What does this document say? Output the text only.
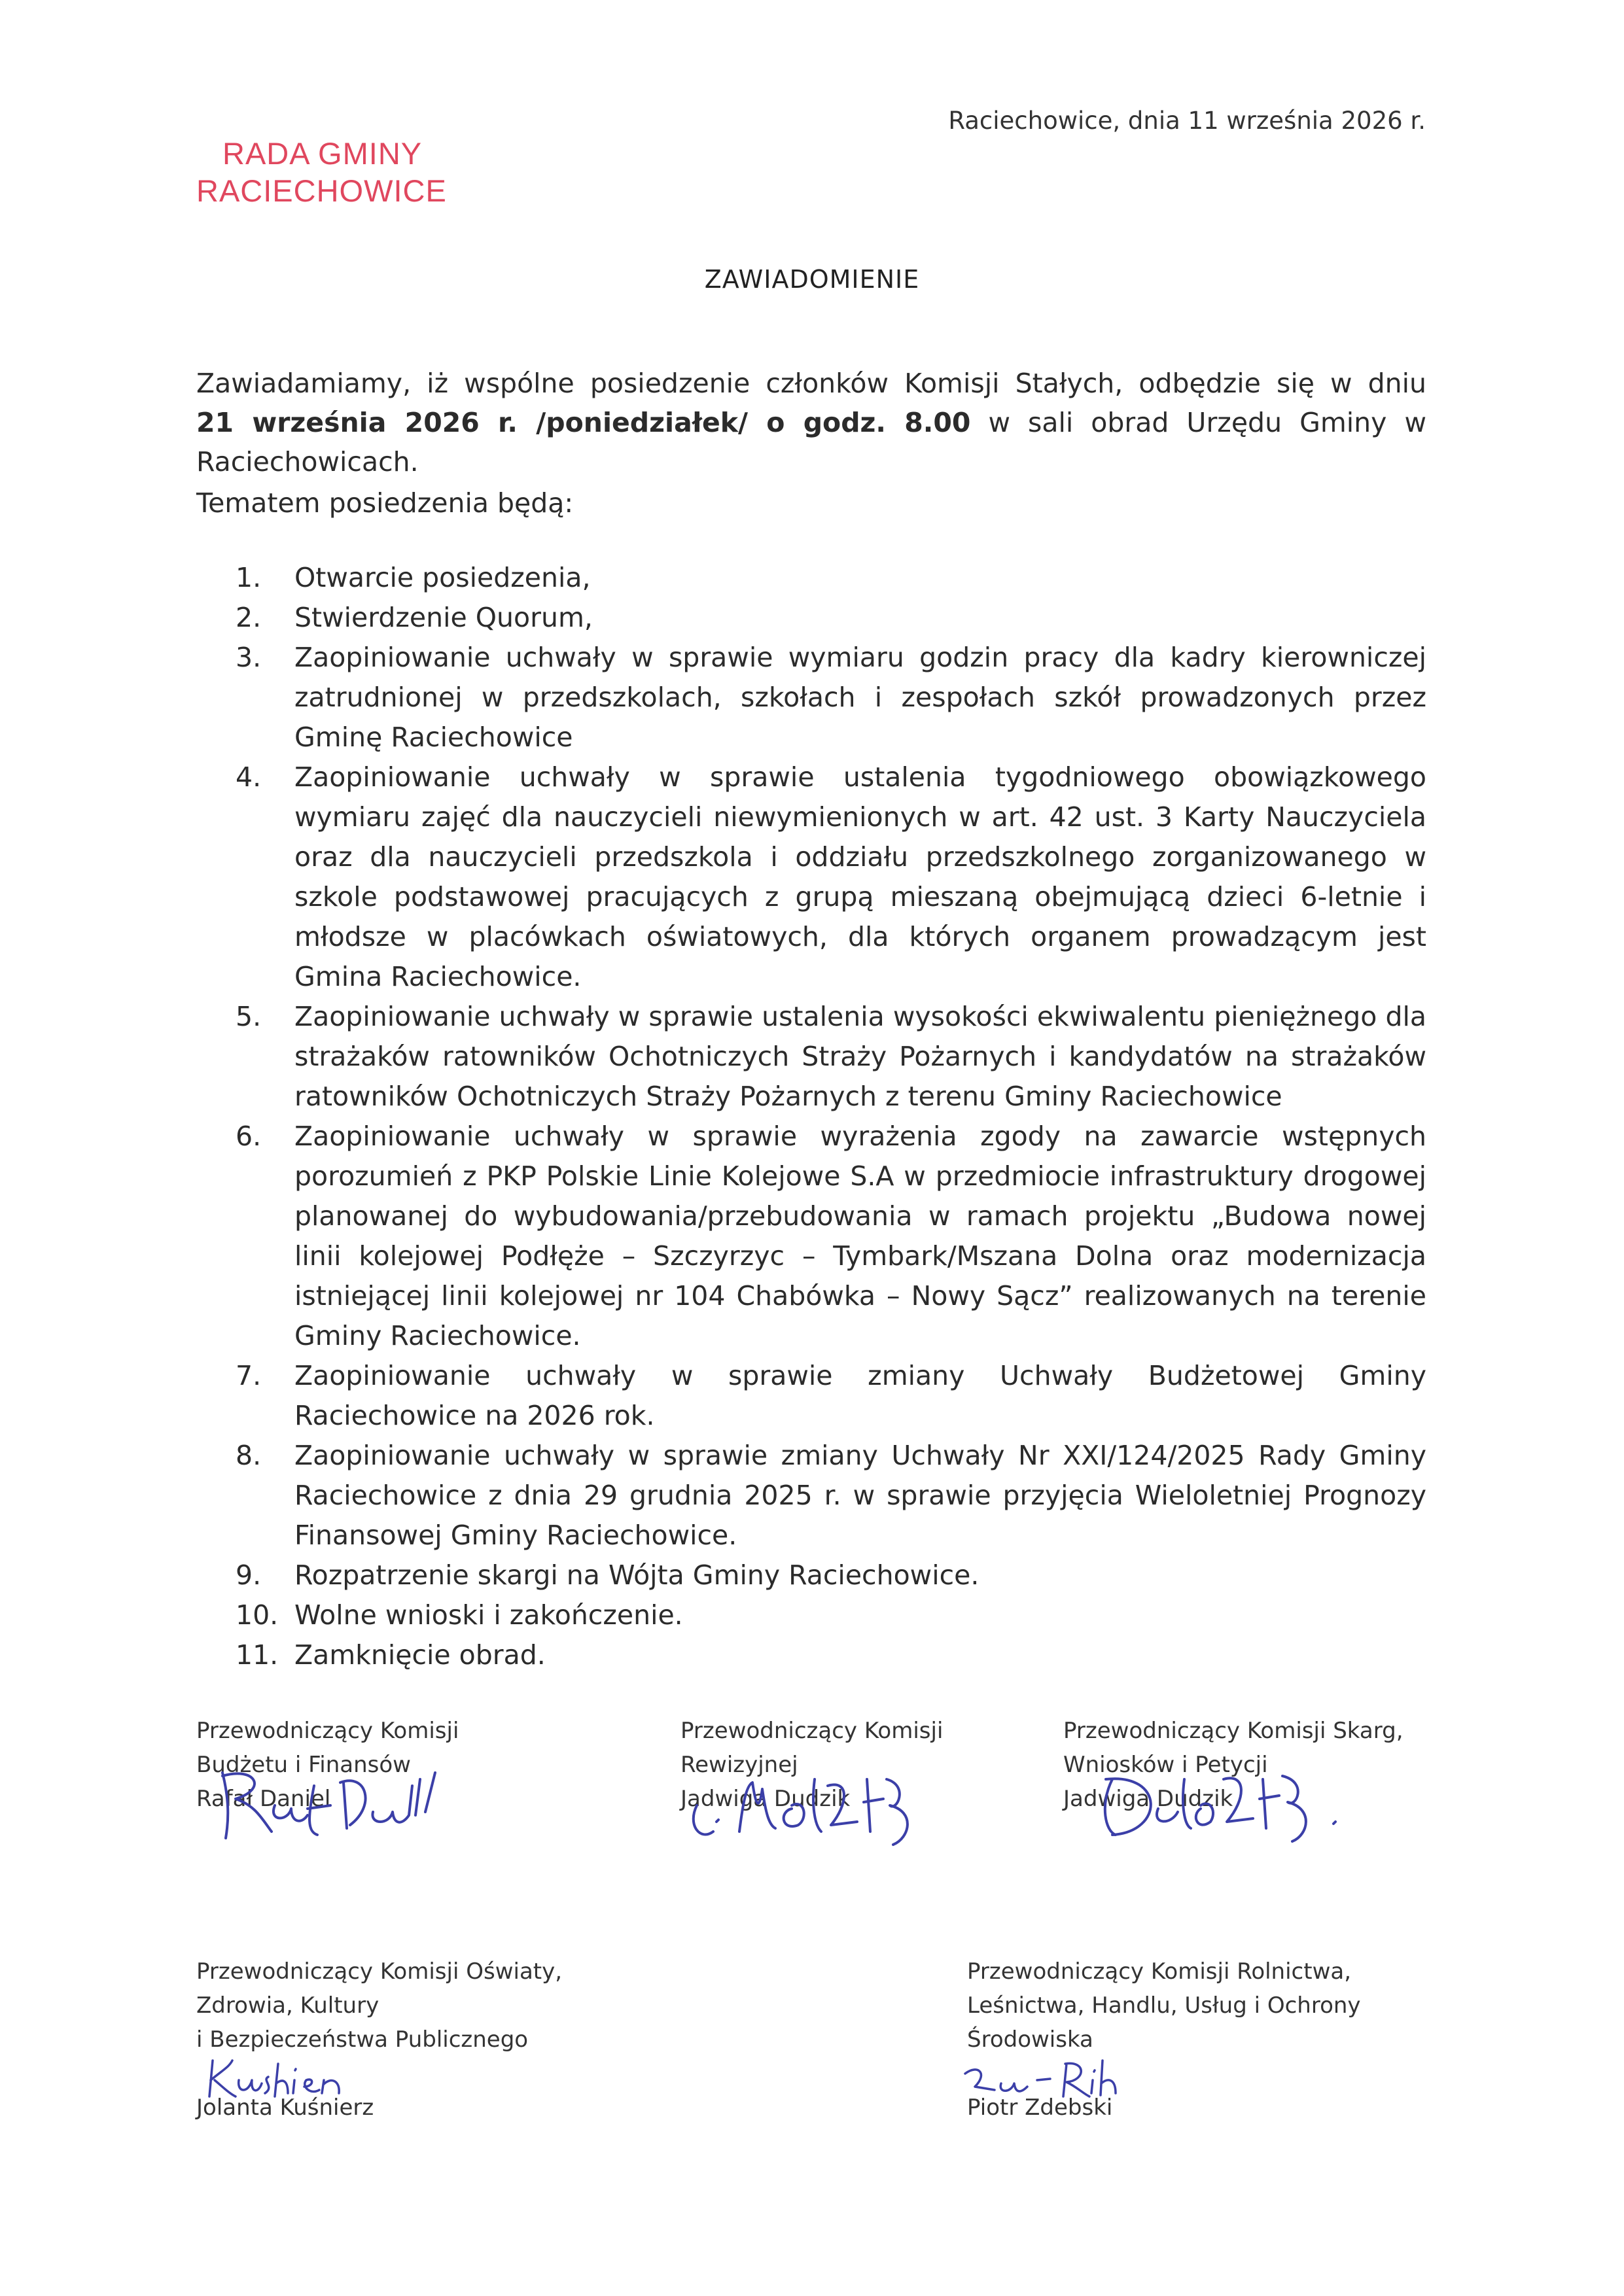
Raciechowice, dnia 11 września 2026 r.
RADA GMINY
RACIECHOWICE
ZAWIADOMIENIE
Zawiadamiamy, iż wspólne posiedzenie członków Komisji Stałych, odbędzie się w dniu
21 września 2026 r. /poniedziałek/ o godz. 8.00 w sali obrad Urzędu Gminy w Raciechowicach.
Tematem posiedzenia będą:
1. Otwarcie posiedzenia,
2. Stwierdzenie Quorum,
3. Zaopiniowanie uchwały w sprawie wymiaru godzin pracy dla kadry kierowniczej zatrudnionej w przedszkolach, szkołach i zespołach szkół prowadzonych przez Gminę Raciechowice
4. Zaopiniowanie uchwały w sprawie ustalenia tygodniowego obowiązkowego wymiaru zajęć dla nauczycieli niewymienionych w art. 42 ust. 3 Karty Nauczyciela oraz dla nauczycieli przedszkola i oddziału przedszkolnego zorganizowanego w szkole podstawowej pracujących z grupą mieszaną obejmującą dzieci 6-letnie i młodsze w placówkach oświatowych, dla których organem prowadzącym jest Gmina Raciechowice.
5. Zaopiniowanie uchwały w sprawie ustalenia wysokości ekwiwalentu pieniężnego dla strażaków ratowników Ochotniczych Straży Pożarnych i kandydatów na strażaków ratowników Ochotniczych Straży Pożarnych z terenu Gminy Raciechowice
6. Zaopiniowanie uchwały w sprawie wyrażenia zgody na zawarcie wstępnych porozumień z PKP Polskie Linie Kolejowe S.A w przedmiocie infrastruktury drogowej planowanej do wybudowania/przebudowania w ramach projektu „Budowa nowej linii kolejowej Podłęże – Szczyrzyc – Tymbark/Mszana Dolna oraz modernizacja istniejącej linii kolejowej nr 104 Chabówka – Nowy Sącz” realizowanych na terenie Gminy Raciechowice.
7. Zaopiniowanie uchwały w sprawie zmiany Uchwały Budżetowej Gminy Raciechowice na 2026 rok.
8. Zaopiniowanie uchwały w sprawie zmiany Uchwały Nr XXI/124/2025 Rady Gminy Raciechowice z dnia 29 grudnia 2025 r. w sprawie przyjęcia Wieloletniej Prognozy Finansowej Gminy Raciechowice.
9. Rozpatrzenie skargi na Wójta Gminy Raciechowice.
10. Wolne wnioski i zakończenie.
11. Zamknięcie obrad.
Przewodniczący Komisji
Budżetu i Finansów
Rafał Daniel
Przewodniczący Komisji
Rewizyjnej
Jadwiga Dudzik
Przewodniczący Komisji Skarg,
Wniosków i Petycji
Jadwiga Dudzik
Przewodniczący Komisji Oświaty,
Zdrowia, Kultury
i Bezpieczeństwa Publicznego
Jolanta Kuśnierz
Przewodniczący Komisji Rolnictwa,
Leśnictwa, Handlu, Usług i Ochrony
Środowiska
Piotr Zdebski
